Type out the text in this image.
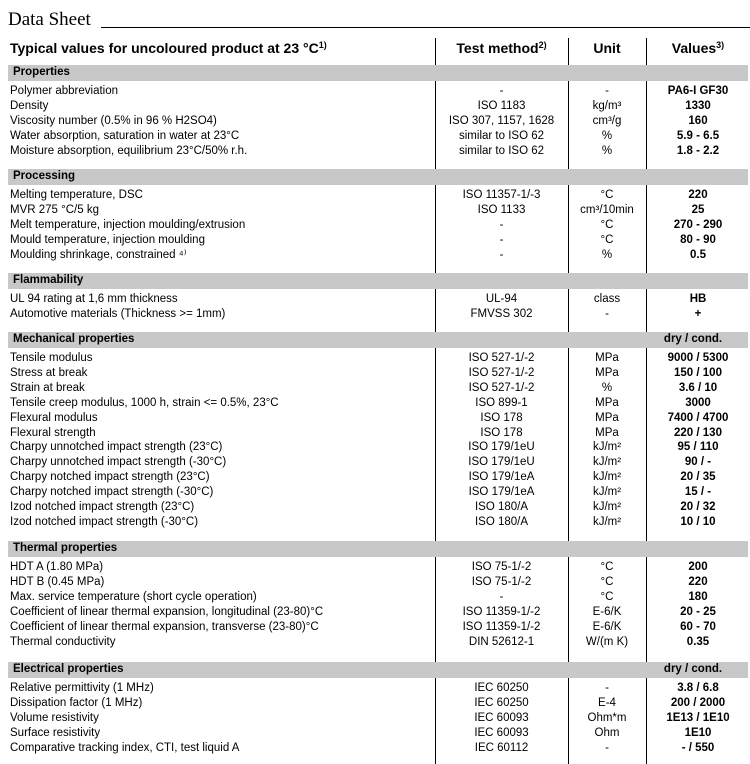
Data Sheet
Typical values for uncoloured product at 23 $^\circ C^{1)}$	Test method$^{2)}$	Unit	Values$^{3)}$
Properties
Polymer abbreviation	-	-	PA6-I GF30
Density	ISO 1183	kg/m³	1330
Viscosity number (0.5% in 96 % H2SO4)	ISO 307, 1157, 1628	cm³/g	160
Water absorption, saturation in water at 23°C	similar to ISO 62	%	5.9 - 6.5
Moisture absorption, equilibrium 23°C/50% r.h.	similar to ISO 62	%	1.8 - 2.2
Processing
Melting temperature, DSC	ISO 11357-1/-3	°C	220
MVR 275 °C/5 kg	ISO 1133	cm³/10min	25
Melt temperature, injection moulding/extrusion	-	°C	270 - 290
Mould temperature, injection moulding	-	°C	80 - 90
Moulding shrinkage, constrained ⁴⁾	-	%	0.5
Flammability
UL 94 rating at 1,6 mm thickness	UL-94	class	HB
Automotive materials (Thickness >= 1mm)	FMVSS 302	-	+
Mechanical properties	dry / cond.
Tensile modulus	ISO 527-1/-2	MPa	9000 / 5300
Stress at break	ISO 527-1/-2	MPa	150 / 100
Strain at break	ISO 527-1/-2	%	3.6 / 10
Tensile creep modulus, 1000 h, strain <= 0.5%, 23°C	ISO 899-1	MPa	3000
Flexural modulus	ISO 178	MPa	7400 / 4700
Flexural strength	ISO 178	MPa	220 / 130
Charpy unnotched impact strength (23°C)	ISO 179/1eU	kJ/m²	95 / 110
Charpy unnotched impact strength (-30°C)	ISO 179/1eU	kJ/m²	90 / -
Charpy notched impact strength (23°C)	ISO 179/1eA	kJ/m²	20 / 35
Charpy notched impact strength (-30°C)	ISO 179/1eA	kJ/m²	15 / -
Izod notched impact strength (23°C)	ISO 180/A	kJ/m²	20 / 32
Izod notched impact strength (-30°C)	ISO 180/A	kJ/m²	10 / 10
Thermal properties
HDT A (1.80 MPa)	ISO 75-1/-2	°C	200
HDT B (0.45 MPa)	ISO 75-1/-2	°C	220
Max. service temperature (short cycle operation)	-	°C	180
Coefficient of linear thermal expansion, longitudinal (23-80)°C	ISO 11359-1/-2	E-6/K	20 - 25
Coefficient of linear thermal expansion, transverse (23-80)°C	ISO 11359-1/-2	E-6/K	60 - 70
Thermal conductivity	DIN 52612-1	W/(m K)	0.35
Electrical properties	dry / cond.
Relative permittivity (1 MHz)	IEC 60250	-	3.8 / 6.8
Dissipation factor (1 MHz)	IEC 60250	E-4	200 / 2000
Volume resistivity	IEC 60093	Ohm*m	1E13 / 1E10
Surface resistivity	IEC 60093	Ohm	1E10
Comparative tracking index, CTI, test liquid A	IEC 60112	-	- / 550
